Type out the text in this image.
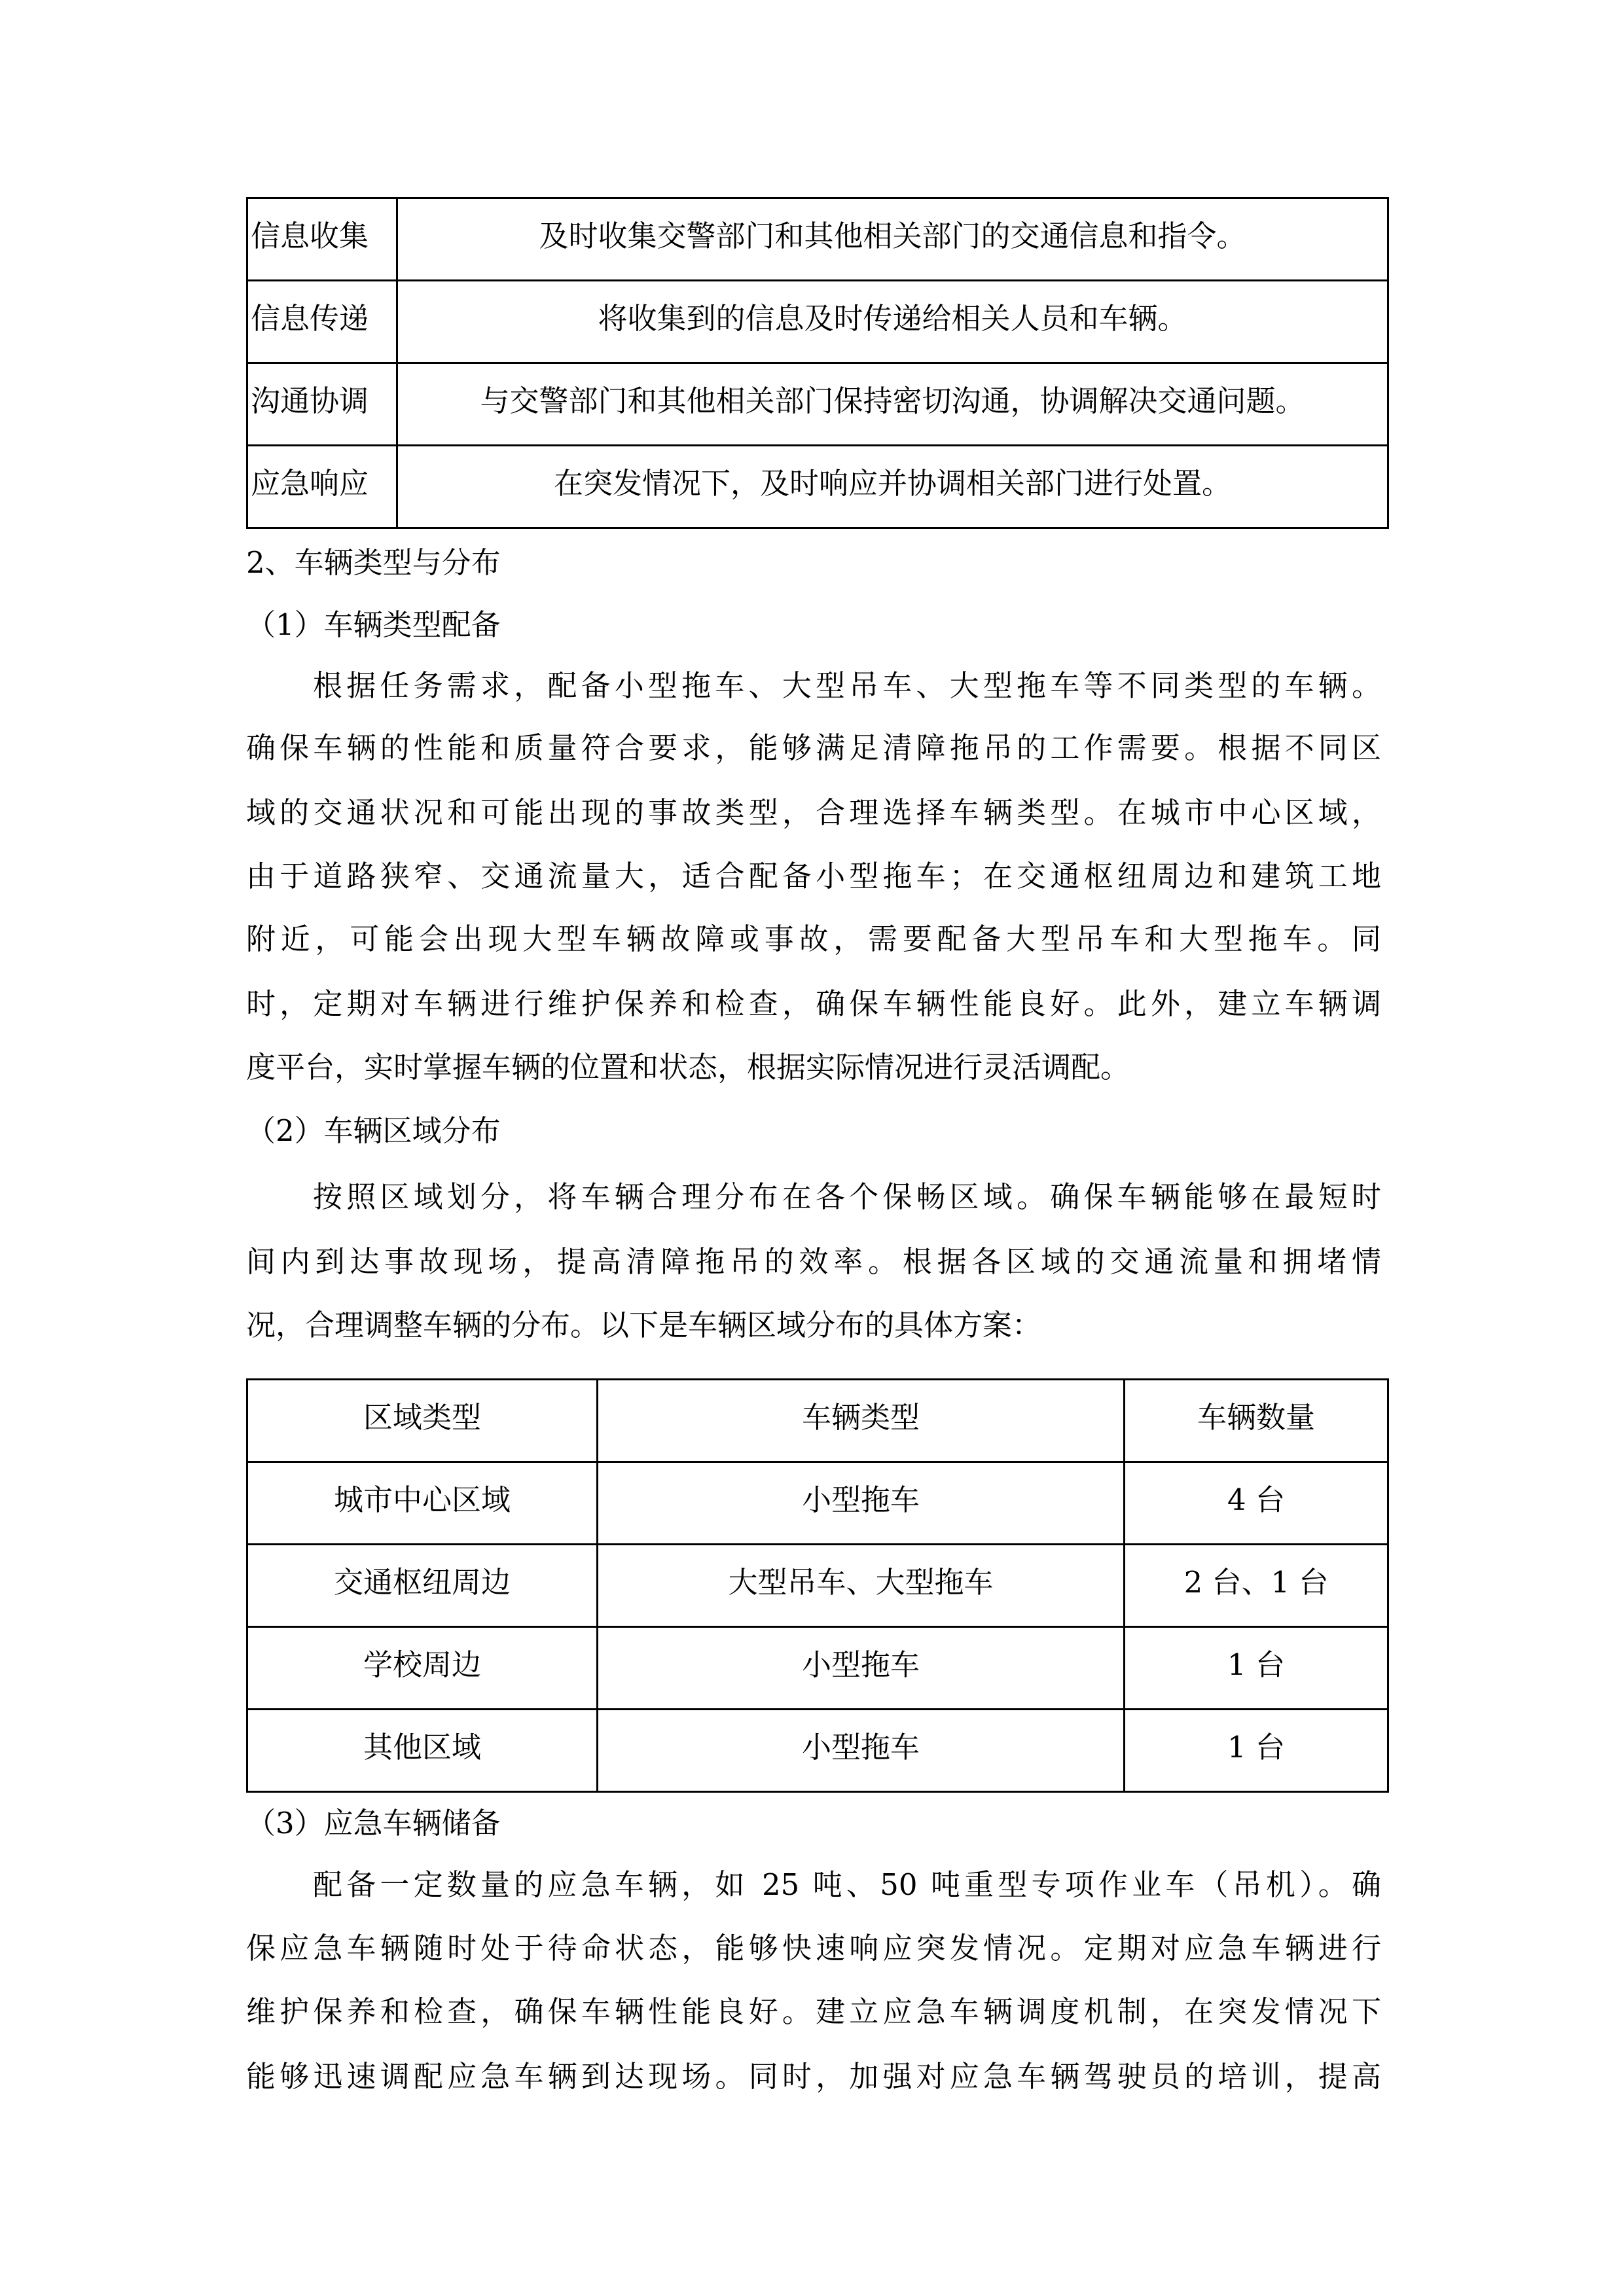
信息收集	及时收集交警部门和其他相关部门的交通信息和指令。
信息传递	将收集到的信息及时传递给相关人员和车辆。
沟通协调	与交警部门和其他相关部门保持密切沟通，协调解决交通问题。
应急响应	在突发情况下，及时响应并协调相关部门进行处置。
2、车辆类型与分布
（1）车辆类型配备
根据任务需求，配备小型拖车、大型吊车、大型拖车等不同类型的车辆。
确保车辆的性能和质量符合要求，能够满足清障拖吊的工作需要。根据不同区
域的交通状况和可能出现的事故类型，合理选择车辆类型。在城市中心区域，
由于道路狭窄、交通流量大，适合配备小型拖车；在交通枢纽周边和建筑工地
附近，可能会出现大型车辆故障或事故，需要配备大型吊车和大型拖车。同
时，定期对车辆进行维护保养和检查，确保车辆性能良好。此外，建立车辆调
度平台，实时掌握车辆的位置和状态，根据实际情况进行灵活调配。
（2）车辆区域分布
按照区域划分，将车辆合理分布在各个保畅区域。确保车辆能够在最短时
间内到达事故现场，提高清障拖吊的效率。根据各区域的交通流量和拥堵情
况，合理调整车辆的分布。以下是车辆区域分布的具体方案：
区域类型	车辆类型	车辆数量
城市中心区域	小型拖车	4 台
交通枢纽周边	大型吊车、大型拖车	2 台、1 台
学校周边	小型拖车	1 台
其他区域	小型拖车	1 台
（3）应急车辆储备
配备一定数量的应急车辆，如 25 吨、50 吨重型专项作业车（吊机）。确
保应急车辆随时处于待命状态，能够快速响应突发情况。定期对应急车辆进行
维护保养和检查，确保车辆性能良好。建立应急车辆调度机制，在突发情况下
能够迅速调配应急车辆到达现场。同时，加强对应急车辆驾驶员的培训，提高
